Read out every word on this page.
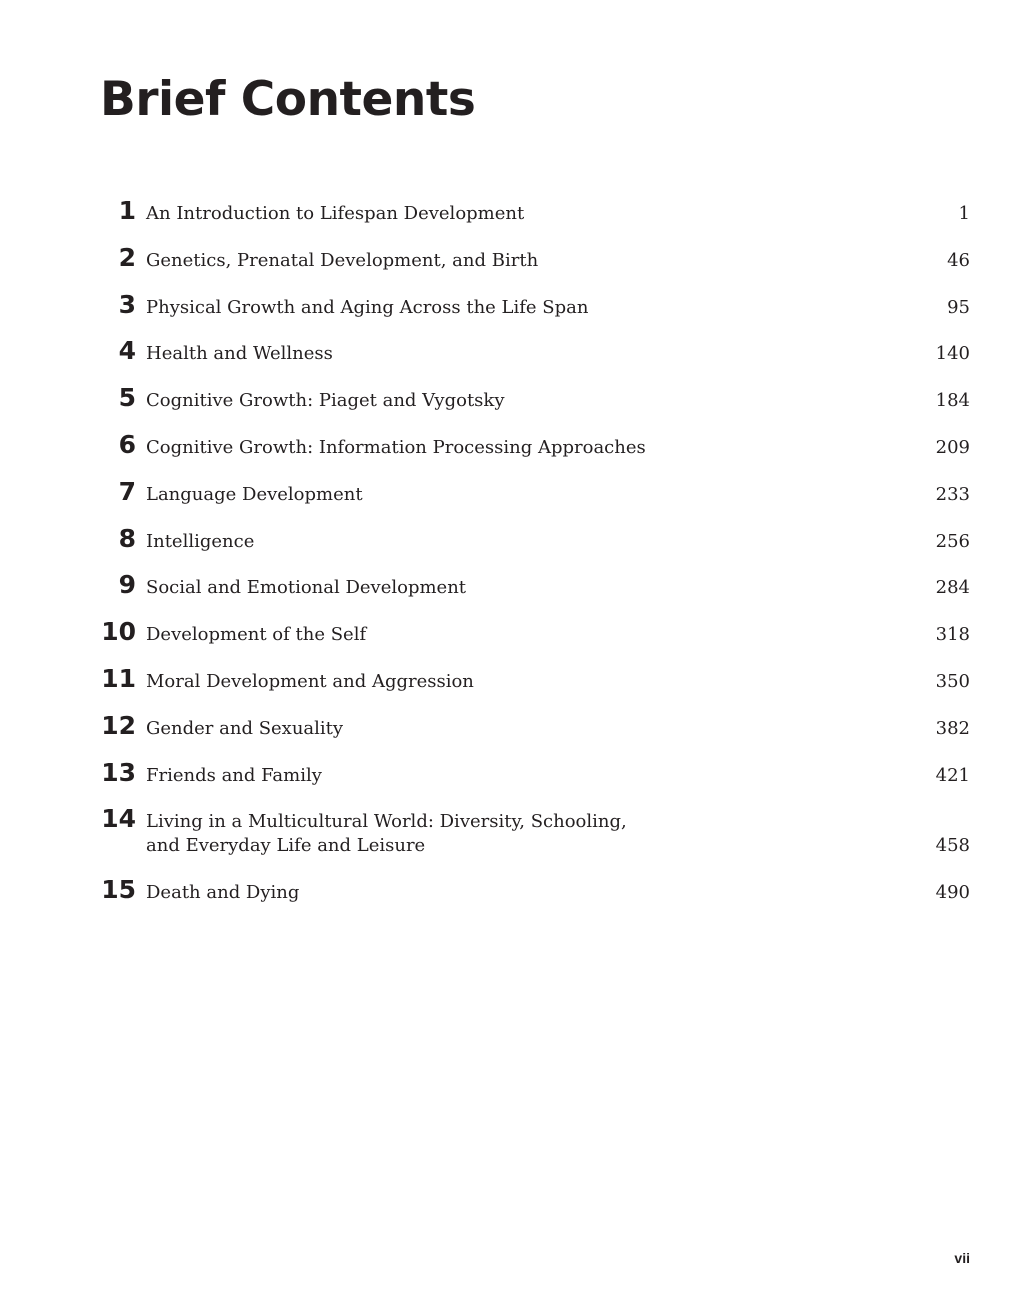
Brief Contents
1 An Introduction to Lifespan Development	1
2 Genetics, Prenatal Development, and Birth	46
3 Physical Growth and Aging Across the Life Span	95
4 Health and Wellness	140
5 Cognitive Growth: Piaget and Vygotsky	184
6 Cognitive Growth: Information Processing Approaches	209
7 Language Development	233
8 Intelligence	256
9 Social and Emotional Development	284
10 Development of the Self	318
11 Moral Development and Aggression	350
12 Gender and Sexuality	382
13 Friends and Family	421
14 Living in a Multicultural World: Diversity, Schooling,
and Everyday Life and Leisure	458
15 Death and Dying	490
vii
